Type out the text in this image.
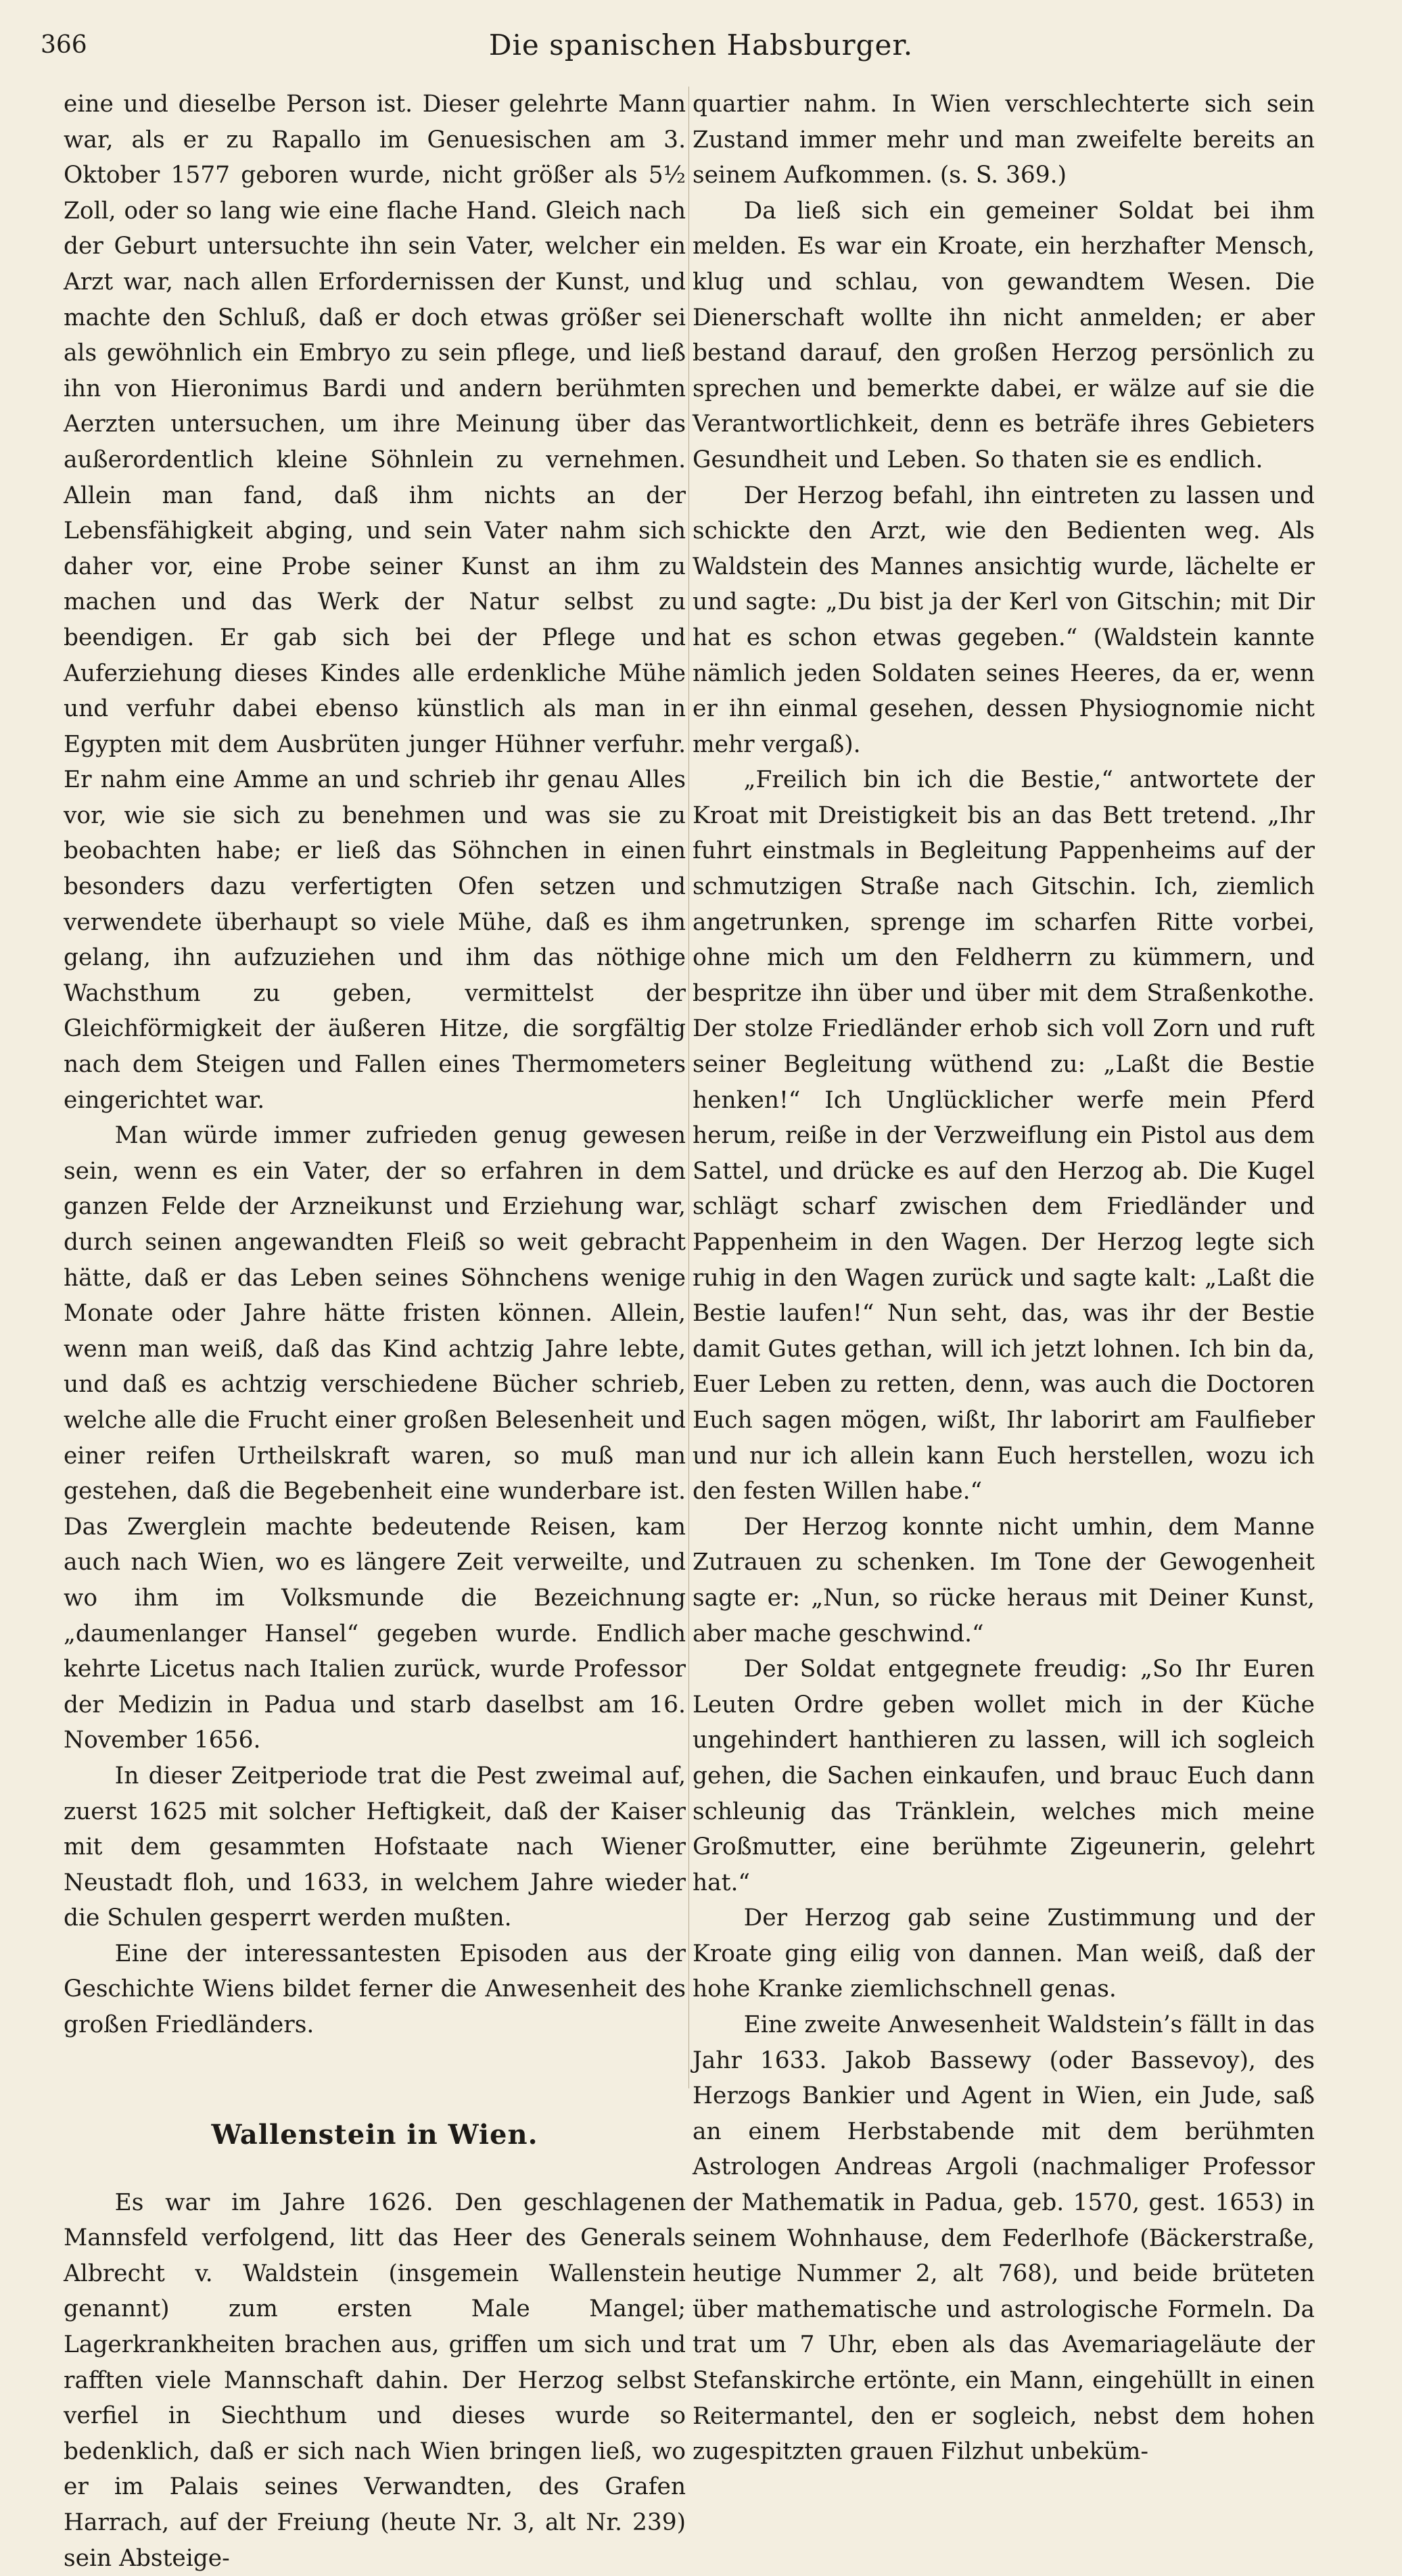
366	Die spanischen Habsburger.

eine und dieselbe Person ist. Dieser gelehrte Mann war, als er zu Rapallo im Genuesischen am 3. Oktober 1577 geboren wurde, nicht größer als 5½ Zoll, oder so lang wie eine flache Hand. Gleich nach der Geburt untersuchte ihn sein Vater, welcher ein Arzt war, nach allen Erfordernissen der Kunst, und machte den Schluß, daß er doch etwas größer sei als gewöhnlich ein Embryo zu sein pflege, und ließ ihn von Hieronimus Bardi und andern berühmten Aerzten untersuchen, um ihre Meinung über das außerordentlich kleine Söhnlein zu vernehmen. Allein man fand, daß ihm nichts an der Lebensfähigkeit abging, und sein Vater nahm sich daher vor, eine Probe seiner Kunst an ihm zu machen und das Werk der Natur selbst zu beendigen. Er gab sich bei der Pflege und Auferziehung dieses Kindes alle erdenkliche Mühe und verfuhr dabei ebenso künstlich als man in Egypten mit dem Ausbrüten junger Hühner verfuhr. Er nahm eine Amme an und schrieb ihr genau Alles vor, wie sie sich zu benehmen und was sie zu beobachten habe; er ließ das Söhnchen in einen besonders dazu verfertigten Ofen setzen und verwendete überhaupt so viele Mühe, daß es ihm gelang, ihn aufzuziehen und ihm das nöthige Wachsthum zu geben, vermittelst der Gleichförmigkeit der äußeren Hitze, die sorgfältig nach dem Steigen und Fallen eines Thermometers eingerichtet war.

Man würde immer zufrieden genug gewesen sein, wenn es ein Vater, der so erfahren in dem ganzen Felde der Arzneikunst und Erziehung war, durch seinen angewandten Fleiß so weit gebracht hätte, daß er das Leben seines Söhnchens wenige Monate oder Jahre hätte fristen können. Allein, wenn man weiß, daß das Kind achtzig Jahre lebte, und daß es achtzig verschiedene Bücher schrieb, welche alle die Frucht einer großen Belesenheit und einer reifen Urtheilskraft waren, so muß man gestehen, daß die Begebenheit eine wunderbare ist. Das Zwerglein machte bedeutende Reisen, kam auch nach Wien, wo es längere Zeit verweilte, und wo ihm im Volksmunde die Bezeichnung „daumenlanger Hansel“ gegeben wurde. Endlich kehrte Licetus nach Italien zurück, wurde Professor der Medizin in Padua und starb daselbst am 16. November 1656.

In dieser Zeitperiode trat die Pest zweimal auf, zuerst 1625 mit solcher Heftigkeit, daß der Kaiser mit dem gesammten Hofstaate nach Wiener Neustadt floh, und 1633, in welchem Jahre wieder die Schulen gesperrt werden mußten.

Eine der interessantesten Episoden aus der Geschichte Wiens bildet ferner die Anwesenheit des großen Friedländers.

Wallenstein in Wien.

Es war im Jahre 1626. Den geschlagenen Mannsfeld verfolgend, litt das Heer des Generals Albrecht v. Waldstein (insgemein Wallenstein genannt) zum ersten Male Mangel; Lagerkrankheiten brachen aus, griffen um sich und rafften viele Mannschaft dahin. Der Herzog selbst verfiel in Siechthum und dieses wurde so bedenklich, daß er sich nach Wien bringen ließ, wo er im Palais seines Verwandten, des Grafen Harrach, auf der Freiung (heute Nr. 3, alt Nr. 239) sein Absteige-

quartier nahm. In Wien verschlechterte sich sein Zustand immer mehr und man zweifelte bereits an seinem Aufkommen. (s. S. 369.)

Da ließ sich ein gemeiner Soldat bei ihm melden. Es war ein Kroate, ein herzhafter Mensch, klug und schlau, von gewandtem Wesen. Die Dienerschaft wollte ihn nicht anmelden; er aber bestand darauf, den großen Herzog persönlich zu sprechen und bemerkte dabei, er wälze auf sie die Verantwortlichkeit, denn es beträfe ihres Gebieters Gesundheit und Leben. So thaten sie es endlich.

Der Herzog befahl, ihn eintreten zu lassen und schickte den Arzt, wie den Bedienten weg. Als Waldstein des Mannes ansichtig wurde, lächelte er und sagte: „Du bist ja der Kerl von Gitschin; mit Dir hat es schon etwas gegeben.“ (Waldstein kannte nämlich jeden Soldaten seines Heeres, da er, wenn er ihn einmal gesehen, dessen Physiognomie nicht mehr vergaß).

„Freilich bin ich die Bestie,“ antwortete der Kroat mit Dreistigkeit bis an das Bett tretend. „Ihr fuhrt einstmals in Begleitung Pappenheims auf der schmutzigen Straße nach Gitschin. Ich, ziemlich angetrunken, sprenge im scharfen Ritte vorbei, ohne mich um den Feldherrn zu kümmern, und bespritze ihn über und über mit dem Straßenkothe. Der stolze Friedländer erhob sich voll Zorn und ruft seiner Begleitung wüthend zu: „Laßt die Bestie henken!“ Ich Unglücklicher werfe mein Pferd herum, reiße in der Verzweiflung ein Pistol aus dem Sattel, und drücke es auf den Herzog ab. Die Kugel schlägt scharf zwischen dem Friedländer und Pappenheim in den Wagen. Der Herzog legte sich ruhig in den Wagen zurück und sagte kalt: „Laßt die Bestie laufen!“ Nun seht, das, was ihr der Bestie damit Gutes gethan, will ich jetzt lohnen. Ich bin da, Euer Leben zu retten, denn, was auch die Doctoren Euch sagen mögen, wißt, Ihr laborirt am Faulfieber und nur ich allein kann Euch herstellen, wozu ich den festen Willen habe.“

Der Herzog konnte nicht umhin, dem Manne Zutrauen zu schenken. Im Tone der Gewogenheit sagte er: „Nun, so rücke heraus mit Deiner Kunst, aber mache geschwind.“

Der Soldat entgegnete freudig: „So Ihr Euren Leuten Ordre geben wollet mich in der Küche ungehindert hanthieren zu lassen, will ich sogleich gehen, die Sachen einkaufen, und brauc Euch dann schleunig das Tränklein, welches mich meine Großmutter, eine berühmte Zigeunerin, gelehrt hat.“

Der Herzog gab seine Zustimmung und der Kroate ging eilig von dannen. Man weiß, daß der hohe Kranke ziemlichschnell genas.

Eine zweite Anwesenheit Waldstein’s fällt in das Jahr 1633. Jakob Bassewy (oder Bassevoy), des Herzogs Bankier und Agent in Wien, ein Jude, saß an einem Herbstabende mit dem berühmten Astrologen Andreas Argoli (nachmaliger Professor der Mathematik in Padua, geb. 1570, gest. 1653) in seinem Wohnhause, dem Federlhofe (Bäckerstraße, heutige Nummer 2, alt 768), und beide brüteten über mathematische und astrologische Formeln. Da trat um 7 Uhr, eben als das Avemariageläute der Stefanskirche ertönte, ein Mann, eingehüllt in einen Reitermantel, den er sogleich, nebst dem hohen zugespitzten grauen Filzhut unbeküm-
